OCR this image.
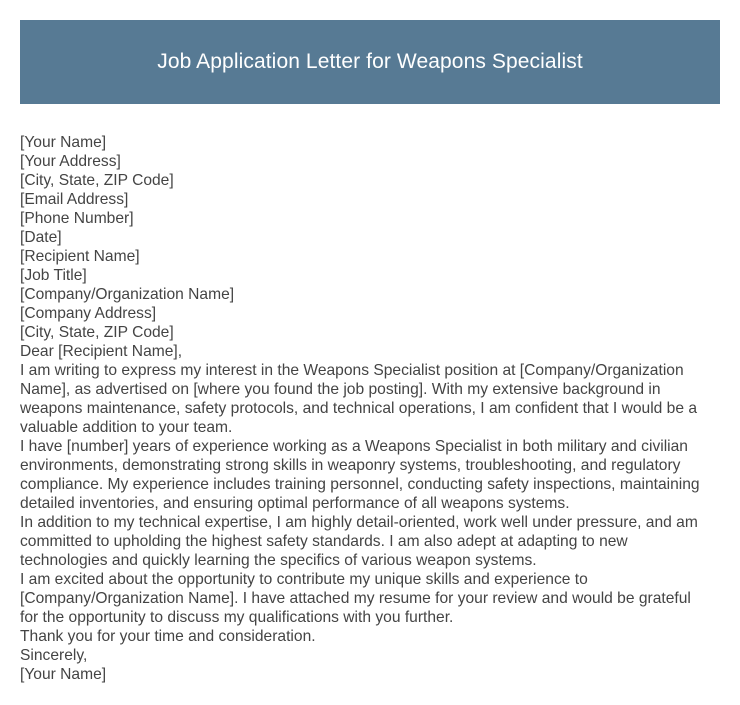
Job Application Letter for Weapons Specialist
[Your Name]
[Your Address]
[City, State, ZIP Code]
[Email Address]
[Phone Number]
[Date]
[Recipient Name]
[Job Title]
[Company/Organization Name]
[Company Address]
[City, State, ZIP Code]
Dear [Recipient Name],
I am writing to express my interest in the Weapons Specialist position at [Company/Organization
Name], as advertised on [where you found the job posting]. With my extensive background in
weapons maintenance, safety protocols, and technical operations, I am confident that I would be a
valuable addition to your team.
I have [number] years of experience working as a Weapons Specialist in both military and civilian
environments, demonstrating strong skills in weaponry systems, troubleshooting, and regulatory
compliance. My experience includes training personnel, conducting safety inspections, maintaining
detailed inventories, and ensuring optimal performance of all weapons systems.
In addition to my technical expertise, I am highly detail-oriented, work well under pressure, and am
committed to upholding the highest safety standards. I am also adept at adapting to new
technologies and quickly learning the specifics of various weapon systems.
I am excited about the opportunity to contribute my unique skills and experience to
[Company/Organization Name]. I have attached my resume for your review and would be grateful
for the opportunity to discuss my qualifications with you further.
Thank you for your time and consideration.
Sincerely,
[Your Name]
